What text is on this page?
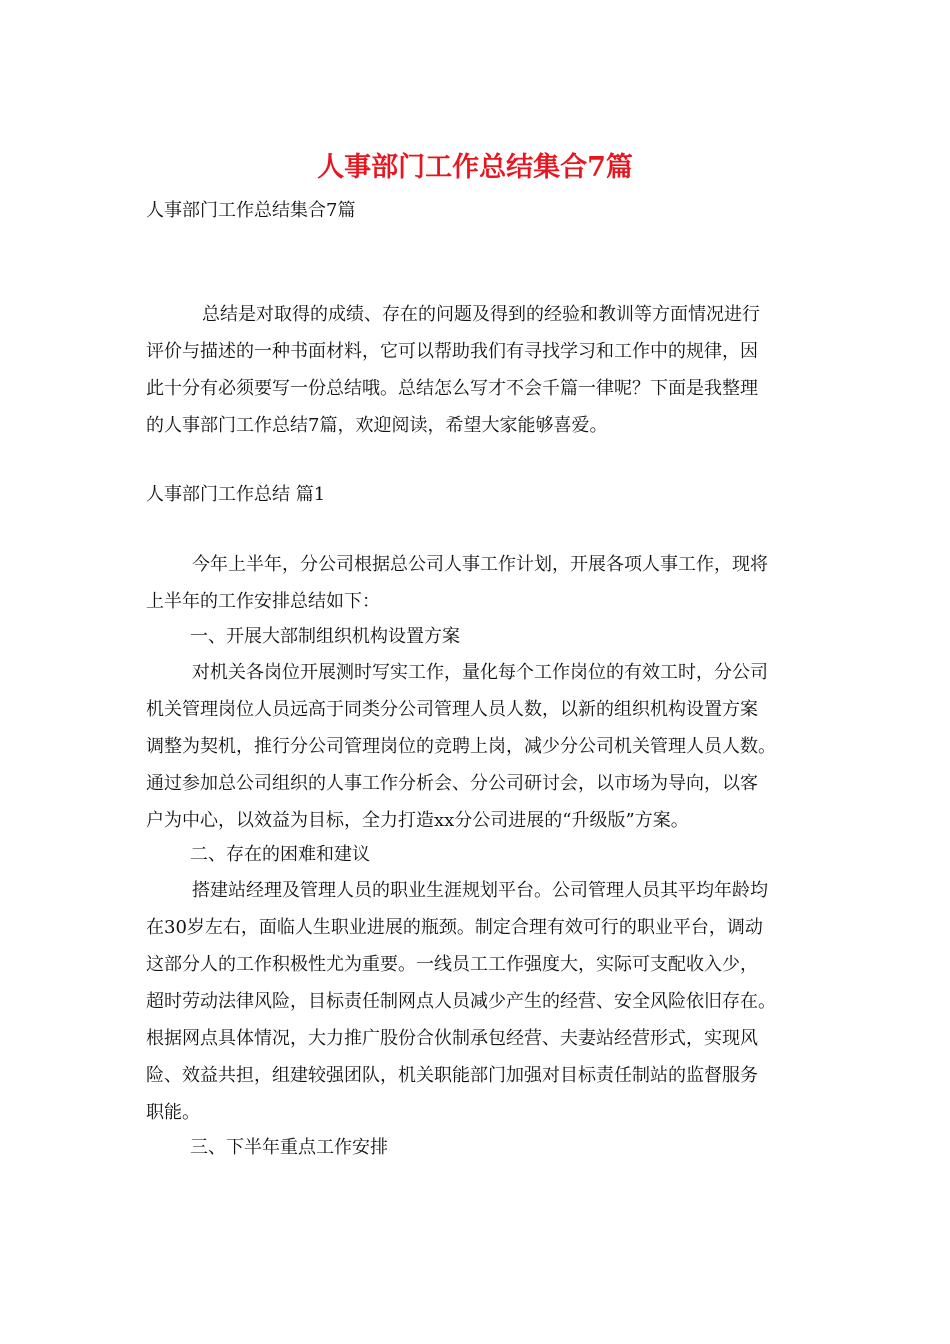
人事部门工作总结集合7篇

人事部门工作总结集合7篇

总结是对取得的成绩、存在的问题及得到的经验和教训等方面情况进行
评价与描述的一种书面材料，它可以帮助我们有寻找学习和工作中的规律，因
此十分有必须要写一份总结哦。总结怎么写才不会千篇一律呢？下面是我整理
的人事部门工作总结7篇，欢迎阅读，希望大家能够喜爱。

人事部门工作总结 篇1

今年上半年，分公司根据总公司人事工作计划，开展各项人事工作，现将
上半年的工作安排总结如下：

一、开展大部制组织机构设置方案

对机关各岗位开展测时写实工作，量化每个工作岗位的有效工时，分公司
机关管理岗位人员远高于同类分公司管理人员人数，以新的组织机构设置方案
调整为契机，推行分公司管理岗位的竞聘上岗，减少分公司机关管理人员人数。
通过参加总公司组织的人事工作分析会、分公司研讨会，以市场为导向，以客
户为中心，以效益为目标，全力打造xx分公司进展的“升级版”方案。

二、存在的困难和建议

搭建站经理及管理人员的职业生涯规划平台。公司管理人员其平均年龄均
在30岁左右，面临人生职业进展的瓶颈。制定合理有效可行的职业平台，调动
这部分人的工作积极性尤为重要。一线员工工作强度大，实际可支配收入少，
超时劳动法律风险，目标责任制网点人员减少产生的经营、安全风险依旧存在。
根据网点具体情况，大力推广股份合伙制承包经营、夫妻站经营形式，实现风
险、效益共担，组建较强团队，机关职能部门加强对目标责任制站的监督服务
职能。

三、下半年重点工作安排
